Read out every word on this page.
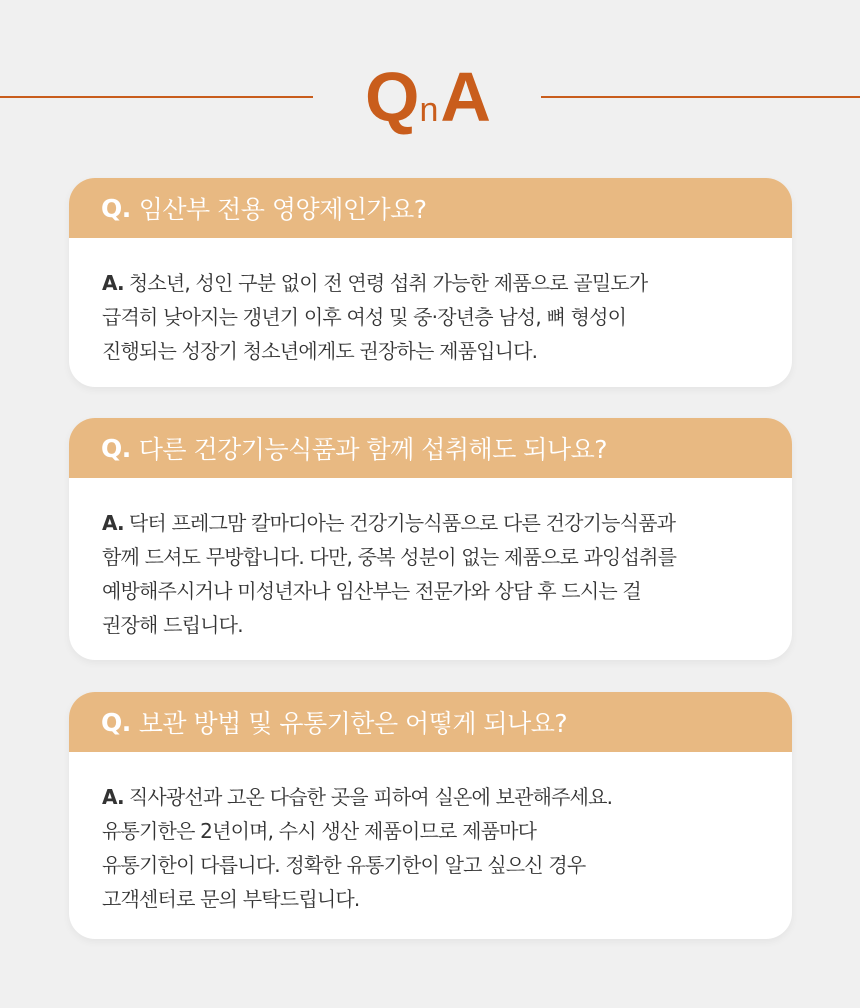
Q n A
Q. 임산부 전용 영양제인가요?
A. 청소년, 성인 구분 없이 전 연령 섭취 가능한 제품으로 골밀도가
급격히 낮아지는 갱년기 이후 여성 및 중·장년층 남성, 뼈 형성이
진행되는 성장기 청소년에게도 권장하는 제품입니다.
Q. 다른 건강기능식품과 함께 섭취해도 되나요?
A. 닥터 프레그맘 칼마디아는 건강기능식품으로 다른 건강기능식품과
함께 드셔도 무방합니다. 다만, 중복 성분이 없는 제품으로 과잉섭취를
예방해주시거나 미성년자나 임산부는 전문가와 상담 후 드시는 걸
권장해 드립니다.
Q. 보관 방법 및 유통기한은 어떻게 되나요?
A. 직사광선과 고온 다습한 곳을 피하여 실온에 보관해주세요.
유통기한은 2년이며, 수시 생산 제품이므로 제품마다
유통기한이 다릅니다. 정확한 유통기한이 알고 싶으신 경우
고객센터로 문의 부탁드립니다.
